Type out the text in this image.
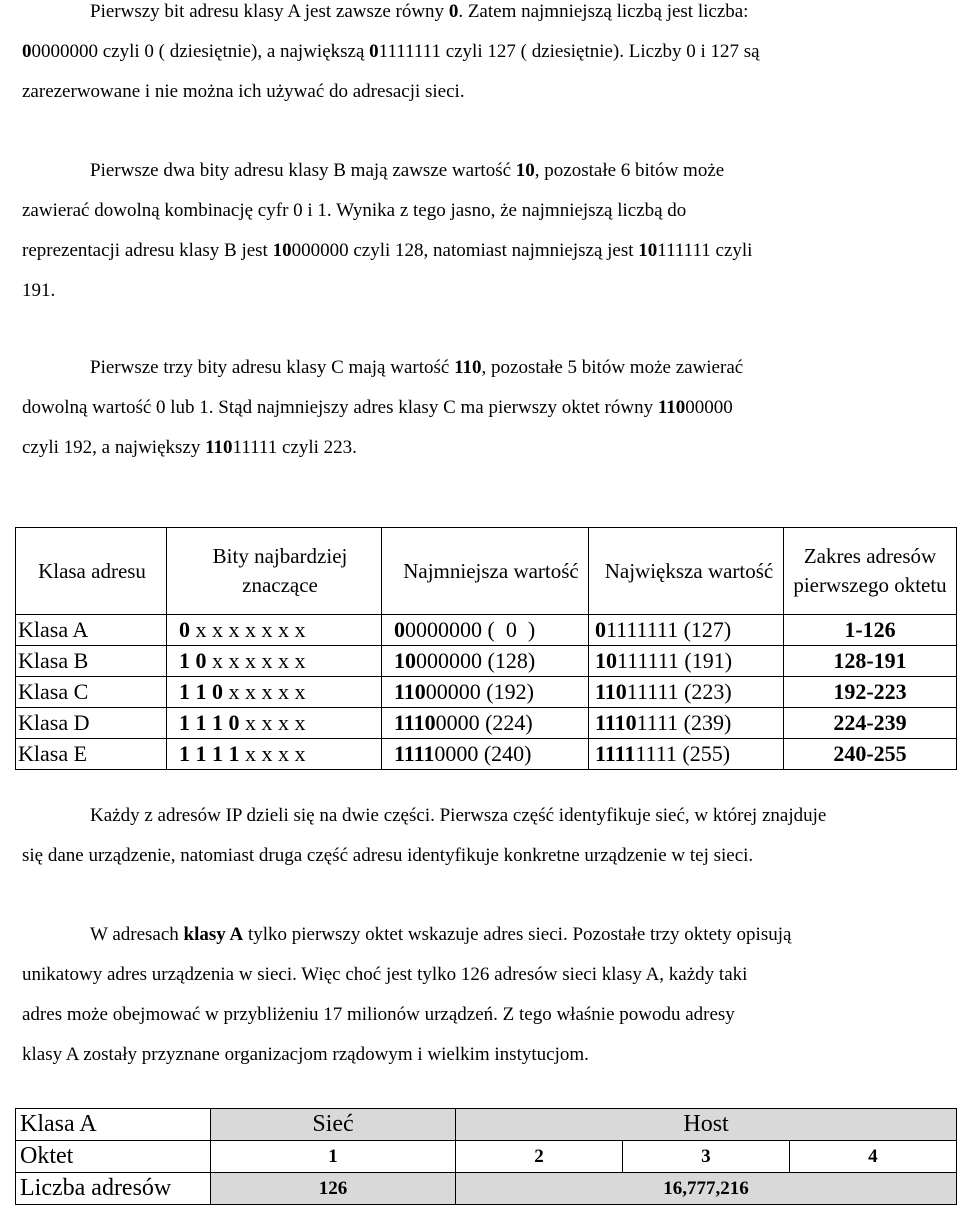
Pierwszy bit adresu klasy A jest zawsze równy 0. Zatem najmniejszą liczbą jest liczba:
00000000 czyli 0 ( dziesiętnie), a największą 01111111 czyli 127 ( dziesiętnie). Liczby 0 i 127 są
zarezerwowane i nie można ich używać do adresacji sieci.
Pierwsze dwa bity adresu klasy B mają zawsze wartość 10, pozostałe 6 bitów może
zawierać dowolną kombinację cyfr 0 i 1. Wynika z tego jasno, że najmniejszą liczbą do
reprezentacji adresu klasy B jest 10000000 czyli 128, natomiast najmniejszą jest 10111111 czyli
191.
Pierwsze trzy bity adresu klasy C mają wartość 110, pozostałe 5 bitów może zawierać
dowolną wartość 0 lub 1. Stąd najmniejszy adres klasy C ma pierwszy oktet równy 11000000
czyli 192, a największy 11011111 czyli 223.
Klasa adresu	Bity najbardziej znaczące	Najmniejsza wartość	Największa wartość	Zakres adresów pierwszego oktetu
Klasa A	0 x x x x x x x	00000000 (  0  )	01111111 (127)	1-126
Klasa B	1 0 x x x x x x	10000000 (128)	10111111 (191)	128-191
Klasa C	1 1 0 x x x x x	11000000 (192)	11011111 (223)	192-223
Klasa D	1 1 1 0 x x x x	11100000 (224)	11101111 (239)	224-239
Klasa E	1 1 1 1 x x x x	11110000 (240)	11111111 (255)	240-255
Każdy z adresów IP dzieli się na dwie części. Pierwsza część identyfikuje sieć, w której znajduje
się dane urządzenie, natomiast druga część adresu identyfikuje konkretne urządzenie w tej sieci.
W adresach klasy A tylko pierwszy oktet wskazuje adres sieci. Pozostałe trzy oktety opisują
unikatowy adres urządzenia w sieci. Więc choć jest tylko 126 adresów sieci klasy A, każdy taki
adres może obejmować w przybliżeniu 17 milionów urządzeń. Z tego właśnie powodu adresy
klasy A zostały przyznane organizacjom rządowym i wielkim instytucjom.
Klasa A	Sieć	Host		
Oktet	1	2	3	4
Liczba adresów	126	16,777,216		
